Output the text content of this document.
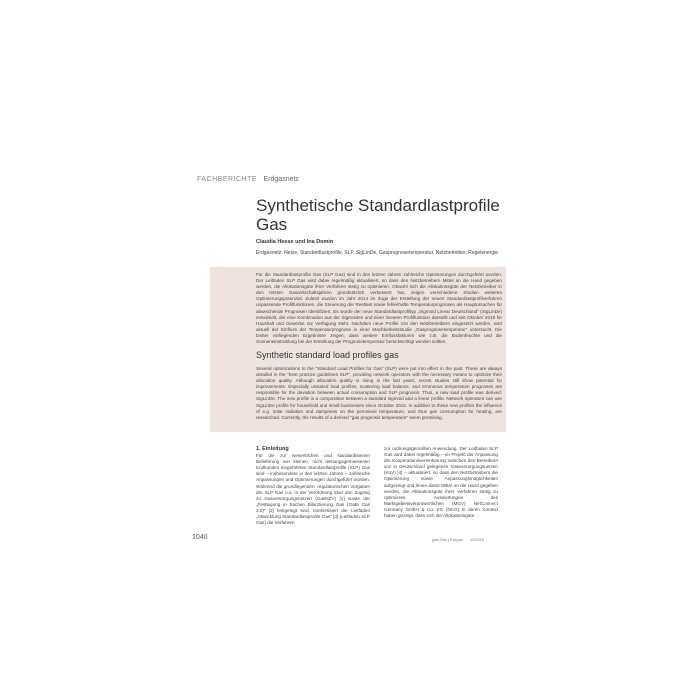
FACHBERICHTE Erdgasnetz
Synthetische Standardlastprofile Gas
Claudia Hesse und Ina Domin
Erdgasnetz, Netze, Standardlastprofile, SLP, SigLinDe, Gasprognosetemperatur, Netzbetreiber, Regelenergie
Für die Standardlastprofile Gas (SLP Gas) sind in den letzten Jahren zahlreiche Optimierungen durchgeführt worden. Der Leitfaden SLP Gas wird dabei regelmäßig aktualisiert, so dass den Netzbetreibern Mittel an die Hand gegeben werden, die Allokationsgüte ihrer Verfahren stetig zu optimieren. Obwohl sich die Allokationsgüte der Netzbetreiber in den letzten Gaswirtschaftsjahren grundsätzlich verbessert hat, zeigen verschiedene Studien weiteren Optimierungspotenzial. Zuletzt wurden im Jahr 2014 im Zuge der Erstellung der neuen Standardlastprofilverfahren unpassende Profilfunktionen, die Steuerung der Restlast sowie fehlerhafte Temperaturprognosen als Hauptursachen für abweichende Prognosen identifiziert. Es wurde der neue Standardlastprofiltyp „Sigmoid Linear Deutschland“ (SigLinDe) entwickelt, der eine Kombination aus der Sigmoiden und einer linearen Profilfunktion darstellt und seit Oktober 2015 für Haushalt und Gewerbe zur Verfügung steht. Nachdem neue Profile von den Netzbetreibern eingesetzt werden, wird aktuell der Einfluss der Temperaturprognose in einer Machbarkeitsstudie „Gasprognosetemperatur“ untersucht. Die bisher vorliegenden Ergebnisse zeigen, dass weitere Einflussfaktoren wie z.B. die Bodenfeuchte und die Sonneneinstrahlung bei der Erstellung der Prognosetemperatur berücksichtigt werden sollten.
Synthetic standard load profiles gas
Several optimizations to the "Standard Load Profiles for Gas" (SLP) were put into effect in the past. These are always detailed in the "best practice guidelines SLP", providing network operators with the necessary means to optimize their allocation quality. Although allocation quality is rising in the last years, recent studies still show potential for improvements. Especially unsuited load profiles, scattering load balance, and erroneous temperature prognoses are responsible for the deviation between actual consumption and SLP prognosis. Thus, a new load profile was derived: SigLinDe. The new profile is a composition between a standard sigmoid and a linear profile. Network operators can use SigLinDe profile for household and small businesses since October 2015. In addition to these new profiles the influence of e.g. solar radiation and dampness on the perceived temperature, and thus gas consumption for heating, are researched. Currently, the results of a derived "gas prognosis temperature" seem promising.
1. Einleitung
Für die zur wesentlichen und standardisierten Belieferung von kleinen, nicht leistungsgemessenen Endkunden eingeführten Standardlastprofile (SLP) Gas sind – insbesondere in den letzten Jahren – zahlreiche Anpassungen und Optimierungen durchgeführt worden. Während die grundlegenden, regulatorischen Vorgaben der SLP Gas u.a. in der Verordnung über den Zugang zu Gasversorgungsnetzen (GasNZV) [1] sowie der „Festlegung in Sachen Bilanzierung Gas (GaBi Gas 2.0)“ [2] festgelegt sind, konkretisiert der Leitfaden „Abwicklung Standardlastprofile Gas“ [3] (Leitfaden SLP Gas) die Verfahren
zur ordnungsgemäßen Anwendung. Der Leitfaden SLP Gas wird dabei regelmäßig – im Projekt der Anpassung der Kooperationsvereinbarung zwischen den Betreibern von in Deutschland gelegenen Gasversorgungsnetzen (KoV) [4] – aktualisiert, so dass den Netzbetreibern die Optimierung sowie Anpassungsmöglichkeiten aufgezeigt und ihnen damit Mittel an die Hand gegeben werden, die Allokationsgüte ihrer Verfahren stetig zu optimieren. Auswertungen des Marktgebietsverantwortlichen (MGV) NetConnect Germany GmbH & Co. KG (NCG) in deren Kontext haben gezeigt, dass sich die Allokationsgüte
1040	gwf-Gas | Erdgas 11/2016
